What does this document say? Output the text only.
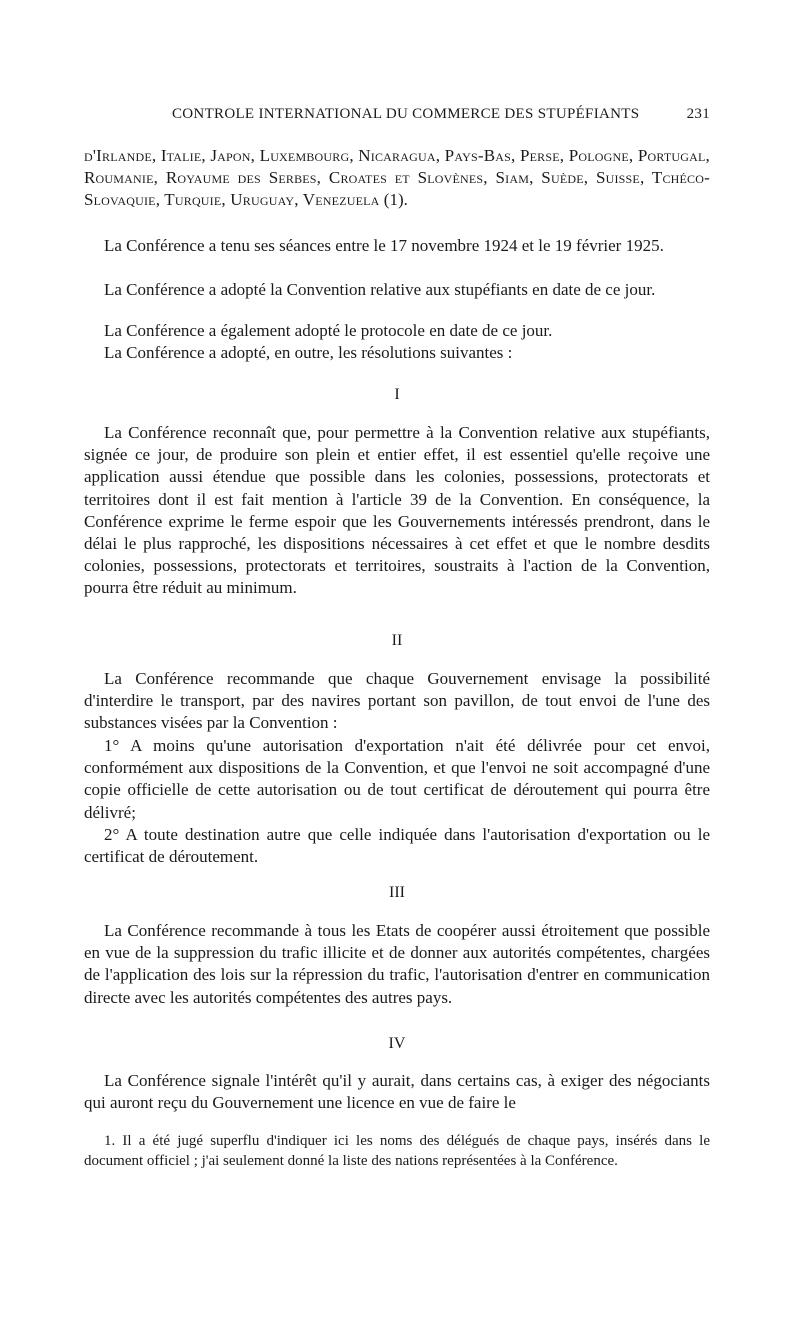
CONTROLE INTERNATIONAL DU COMMERCE DES STUPÉFIANTS	231

d'Irlande, Italie, Japon, Luxembourg, Nicaragua, Pays-Bas, Perse, Pologne, Portugal, Roumanie, Royaume des Serbes, Croates et Slovènes, Siam, Suède, Suisse, Tchéco-Slovaquie, Turquie, Uruguay, Venezuela (1).

La Conférence a tenu ses séances entre le 17 novembre 1924 et le 19 février 1925.

La Conférence a adopté la Convention relative aux stupéfiants en date de ce jour.

La Conférence a également adopté le protocole en date de ce jour.

La Conférence a adopté, en outre, les résolutions suivantes :

I

La Conférence reconnaît que, pour permettre à la Convention relative aux stupéfiants, signée ce jour, de produire son plein et entier effet, il est essentiel qu'elle reçoive une application aussi étendue que possible dans les colonies, possessions, protectorats et territoires dont il est fait mention à l'article 39 de la Convention. En conséquence, la Conférence exprime le ferme espoir que les Gouvernements intéressés prendront, dans le délai le plus rapproché, les dispositions nécessaires à cet effet et que le nombre desdits colonies, possessions, protectorats et territoires, soustraits à l'action de la Convention, pourra être réduit au minimum.

II

La Conférence recommande que chaque Gouvernement envisage la possibilité d'interdire le transport, par des navires portant son pavillon, de tout envoi de l'une des substances visées par la Convention :

1° A moins qu'une autorisation d'exportation n'ait été délivrée pour cet envoi, conformément aux dispositions de la Convention, et que l'envoi ne soit accompagné d'une copie officielle de cette autorisation ou de tout certificat de déroutement qui pourra être délivré;

2° A toute destination autre que celle indiquée dans l'autorisation d'exportation ou le certificat de déroutement.

III

La Conférence recommande à tous les Etats de coopérer aussi étroitement que possible en vue de la suppression du trafic illicite et de donner aux autorités compétentes, chargées de l'application des lois sur la répression du trafic, l'autorisation d'entrer en communication directe avec les autorités compétentes des autres pays.

IV

La Conférence signale l'intérêt qu'il y aurait, dans certains cas, à exiger des négociants qui auront reçu du Gouvernement une licence en vue de faire le

1. Il a été jugé superflu d'indiquer ici les noms des délégués de chaque pays, insérés dans le document officiel ; j'ai seulement donné la liste des nations représentées à la Conférence.
